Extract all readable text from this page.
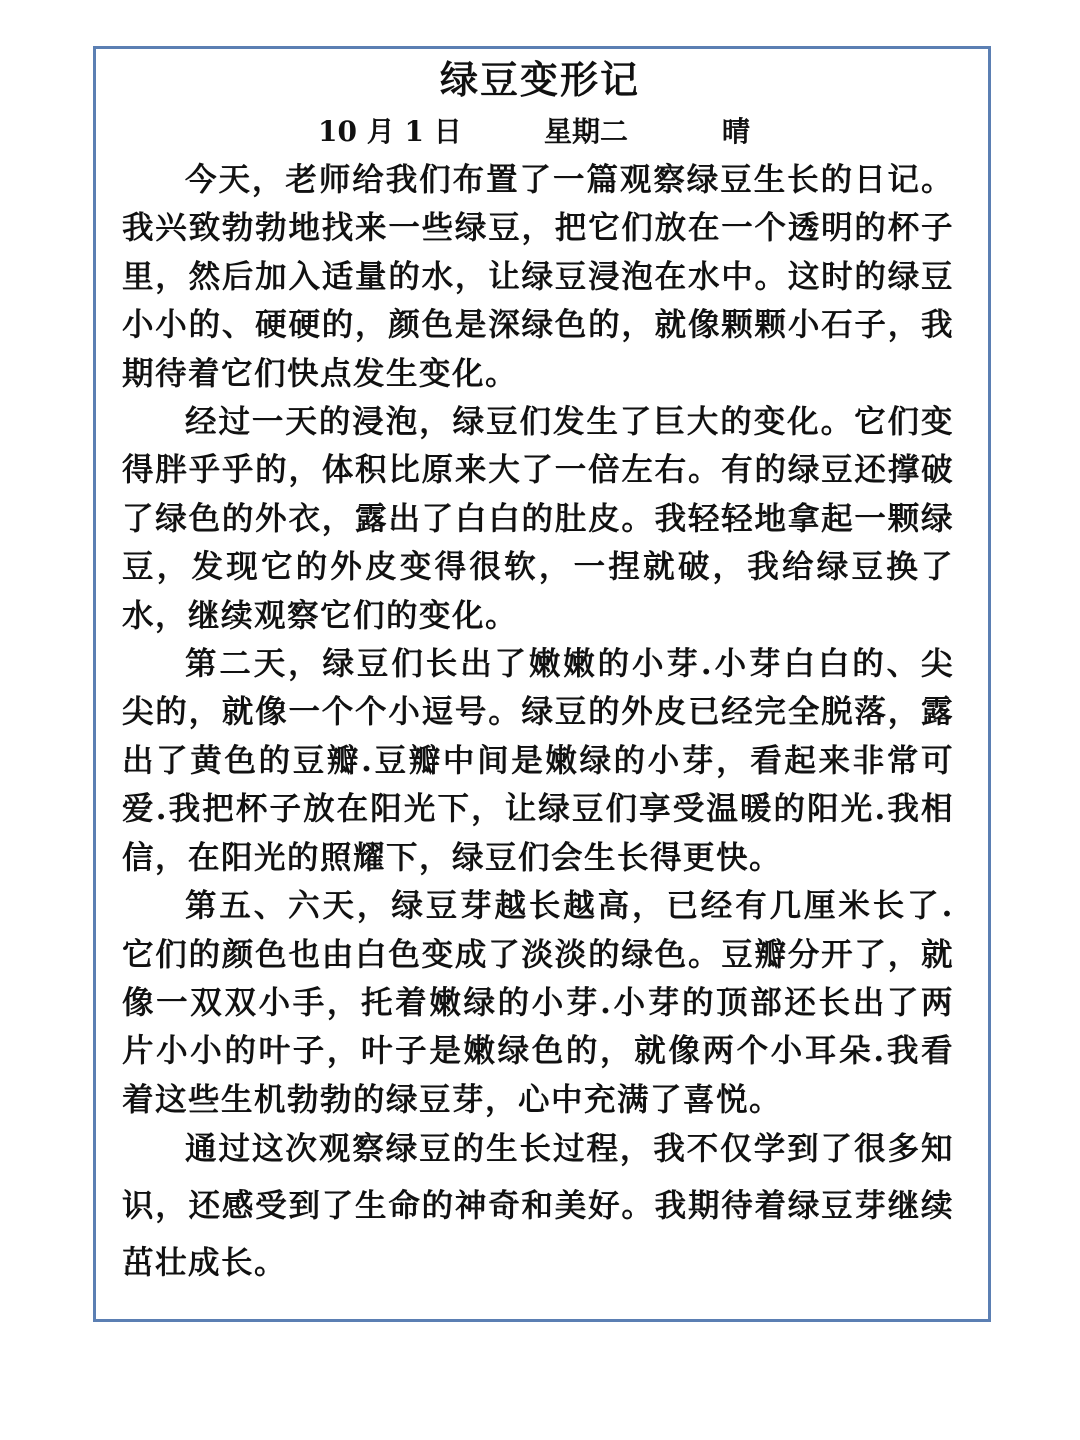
绿豆变形记
10 月 1 日	星期二	晴

今天，老师给我们布置了一篇观察绿豆生长的日记。我兴致勃勃地找来一些绿豆，把它们放在一个透明的杯子里，然后加入适量的水，让绿豆浸泡在水中。这时的绿豆小小的、硬硬的，颜色是深绿色的，就像颗颗小石子，我期待着它们快点发生变化。

经过一天的浸泡，绿豆们发生了巨大的变化。它们变得胖乎乎的，体积比原来大了一倍左右。有的绿豆还撑破了绿色的外衣，露出了白白的肚皮。我轻轻地拿起一颗绿豆，发现它的外皮变得很软，一捏就破，我给绿豆换了水，继续观察它们的变化。

第二天，绿豆们长出了嫩嫩的小芽.小芽白白的、尖尖的，就像一个个小逗号。绿豆的外皮已经完全脱落，露出了黄色的豆瓣.豆瓣中间是嫩绿的小芽，看起来非常可爱.我把杯子放在阳光下，让绿豆们享受温暖的阳光.我相信，在阳光的照耀下，绿豆们会生长得更快。

第五、六天，绿豆芽越长越高，已经有几厘米长了.它们的颜色也由白色变成了淡淡的绿色。豆瓣分开了，就像一双双小手，托着嫩绿的小芽.小芽的顶部还长出了两片小小的叶子，叶子是嫩绿色的，就像两个小耳朵.我看着这些生机勃勃的绿豆芽，心中充满了喜悦。

通过这次观察绿豆的生长过程，我不仅学到了很多知识，还感受到了生命的神奇和美好。我期待着绿豆芽继续茁壮成长。
